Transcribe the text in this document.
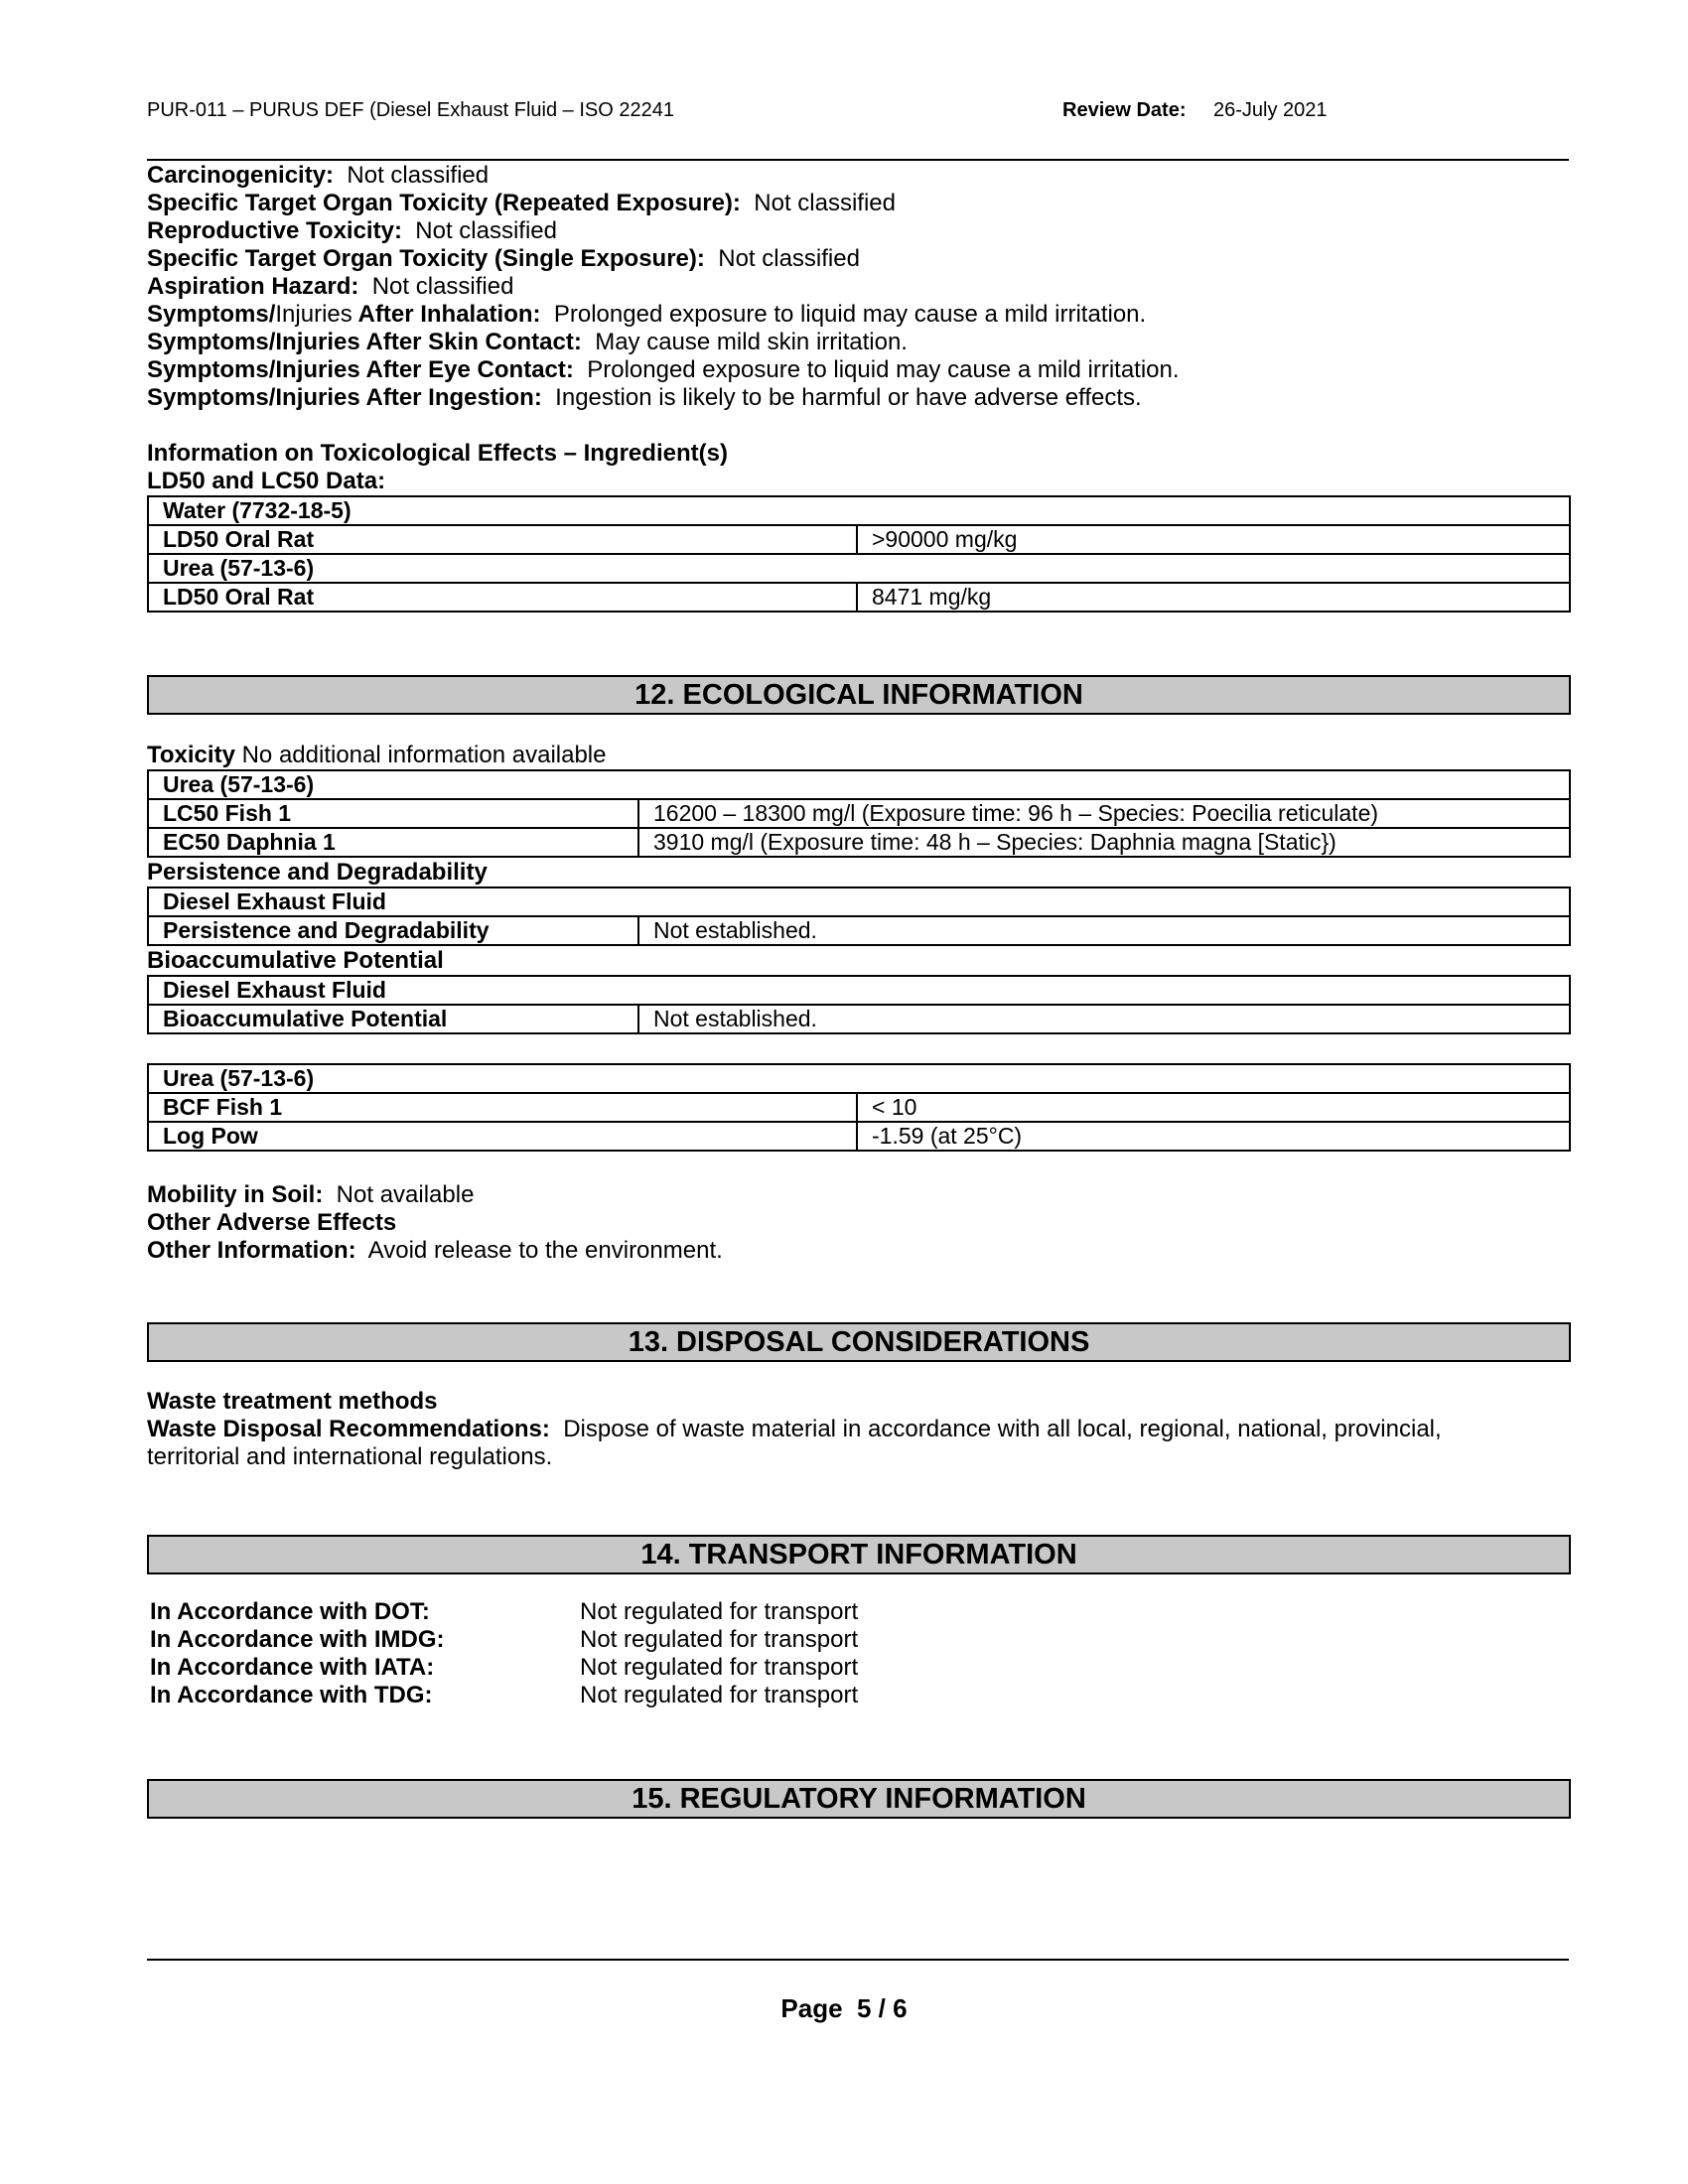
PUR-011 – PURUS DEF (Diesel Exhaust Fluid – ISO 22241	Review Date: 26-July 2021
Carcinogenicity: Not classified
Specific Target Organ Toxicity (Repeated Exposure): Not classified
Reproductive Toxicity: Not classified
Specific Target Organ Toxicity (Single Exposure): Not classified
Aspiration Hazard: Not classified
Symptoms/Injuries After Inhalation: Prolonged exposure to liquid may cause a mild irritation.
Symptoms/Injuries After Skin Contact: May cause mild skin irritation.
Symptoms/Injuries After Eye Contact: Prolonged exposure to liquid may cause a mild irritation.
Symptoms/Injuries After Ingestion: Ingestion is likely to be harmful or have adverse effects.
Information on Toxicological Effects – Ingredient(s)
LD50 and LC50 Data:
Water (7732-18-5)	
LD50 Oral Rat	>90000 mg/kg
Urea (57-13-6)	
LD50 Oral Rat	8471 mg/kg
12. ECOLOGICAL INFORMATION
Toxicity No additional information available
Urea (57-13-6)	
LC50 Fish 1	16200 – 18300 mg/l (Exposure time: 96 h – Species: Poecilia reticulate)
EC50 Daphnia 1	3910 mg/l (Exposure time: 48 h – Species: Daphnia magna [Static})
Persistence and Degradability
Diesel Exhaust Fluid
Persistence and Degradability	Not established.
Bioaccumulative Potential
Diesel Exhaust Fluid
Bioaccumulative Potential	Not established.
Urea (57-13-6)	
BCF Fish 1	< 10
Log Pow	-1.59 (at 25°C)
Mobility in Soil: Not available
Other Adverse Effects
Other Information: Avoid release to the environment.
13. DISPOSAL CONSIDERATIONS
Waste treatment methods
Waste Disposal Recommendations: Dispose of waste material in accordance with all local, regional, national, provincial,
territorial and international regulations.
14. TRANSPORT INFORMATION
In Accordance with DOT:	Not regulated for transport
In Accordance with IMDG:	Not regulated for transport
In Accordance with IATA:	Not regulated for transport
In Accordance with TDG:	Not regulated for transport
15. REGULATORY INFORMATION
Page 5 / 6
